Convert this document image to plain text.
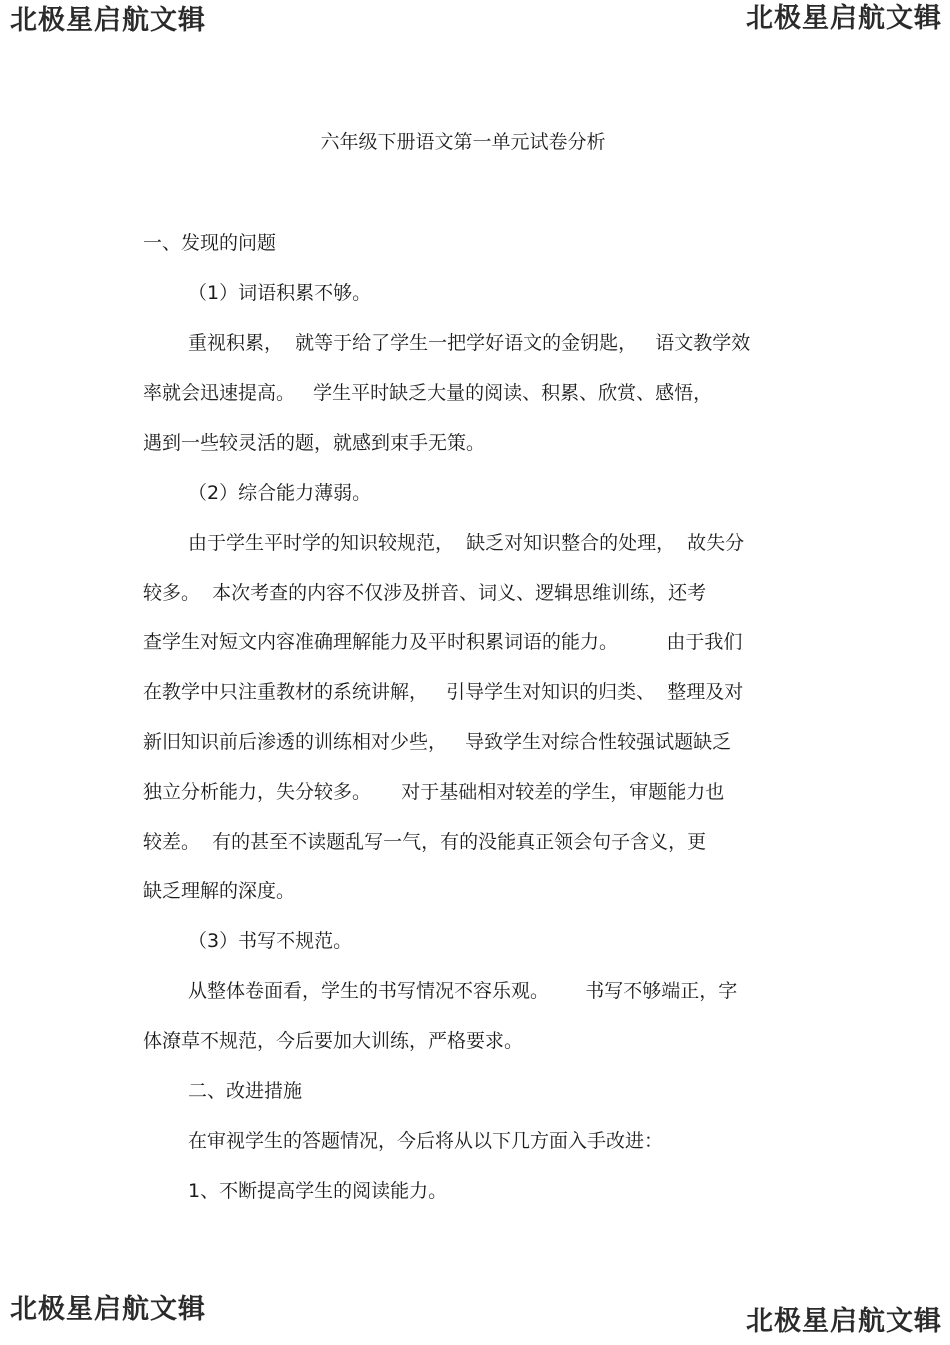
北极星启航文辑	北极星启航文辑
六年级下册语文第一单元试卷分析
一、发现的问题
（1）词语积累不够。
重视积累，  就等于给了学生一把学好语文的金钥匙，   语文教学效
率就会迅速提高。   学生平时缺乏大量的阅读、积累、欣赏、感悟，
遇到一些较灵活的题，就感到束手无策。
（2）综合能力薄弱。
由于学生平时学的知识较规范，  缺乏对知识整合的处理，  故失分
较多。  本次考查的内容不仅涉及拼音、词义、逻辑思维训练，还考
查学生对短文内容准确理解能力及平时积累词语的能力。        由于我们
在教学中只注重教材的系统讲解，   引导学生对知识的归类、  整理及对
新旧知识前后渗透的训练相对少些，   导致学生对综合性较强试题缺乏
独立分析能力，失分较多。     对于基础相对较差的学生，审题能力也
较差。  有的甚至不读题乱写一气，有的没能真正领会句子含义，更
缺乏理解的深度。
（3）书写不规范。
从整体卷面看，学生的书写情况不容乐观。      书写不够端正，字
体潦草不规范，今后要加大训练，严格要求。
二、改进措施
在审视学生的答题情况，今后将从以下几方面入手改进：
1、不断提高学生的阅读能力。
北极星启航文辑	北极星启航文辑
